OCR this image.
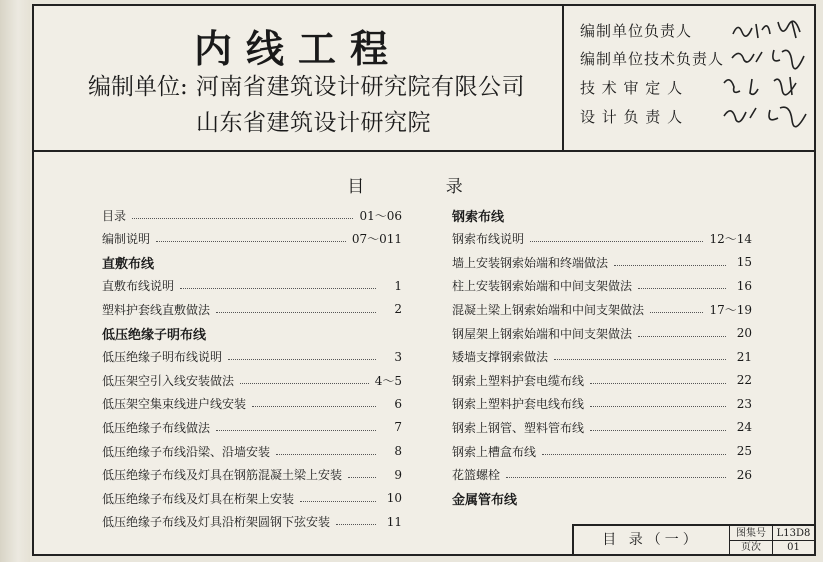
内线工程
编制单位: 河南省建筑设计研究院有限公司
山东省建筑设计研究院
编制单位负责人
编制单位技术负责人
技 术 审 定 人
设 计 负 责 人
目 录
目录	01～06
编制说明	07～011
直敷布线
直敷布线说明	1
塑料护套线直敷做法	2
低压绝缘子明布线
低压绝缘子明布线说明	3
低压架空引入线安装做法	4～5
低压架空集束线进户线安装	6
低压绝缘子布线做法	7
低压绝缘子布线沿梁、沿墙安装	8
低压绝缘子布线及灯具在钢筋混凝土梁上安装	9
低压绝缘子布线及灯具在桁架上安装	10
低压绝缘子布线及灯具沿桁架圆钢下弦安装	11
钢索布线
钢索布线说明	12～14
墙上安装钢索始端和终端做法	15
柱上安装钢索始端和中间支架做法	16
混凝土梁上钢索始端和中间支架做法	17～19
钢屋架上钢索始端和中间支架做法	20
矮墙支撑钢索做法	21
钢索上塑料护套电缆布线	22
钢索上塑料护套电线布线	23
钢索上钢管、塑料管布线	24
钢索上槽盒布线	25
花篮螺栓	26
金属管布线
目 录（一）	图集号	L13D8
页次	01
